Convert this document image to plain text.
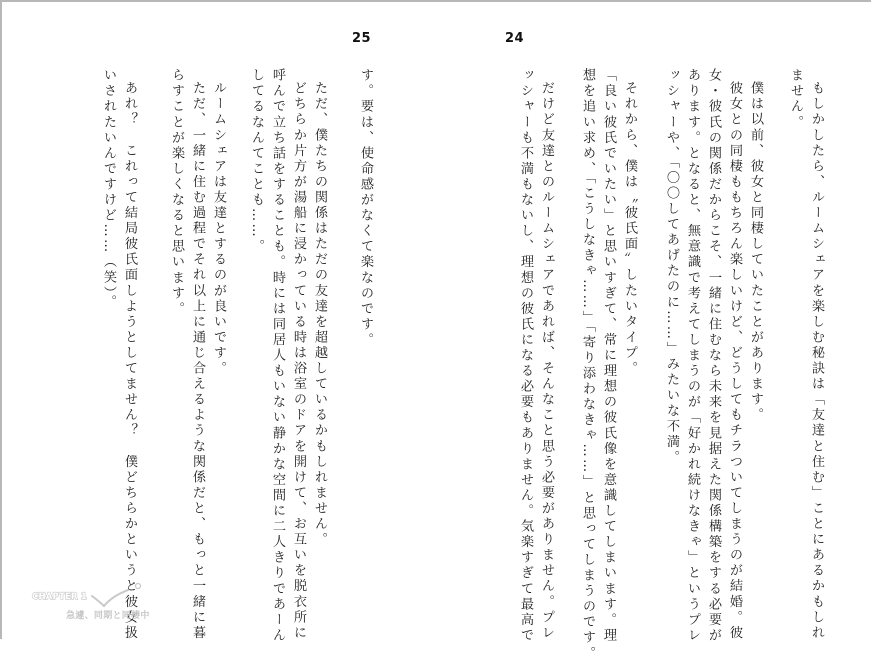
25	24
もしかしたら、ルームシェアを楽しむ秘訣は「友達と住む」ことにあるかもしれ
ません。
僕は以前、彼女と同棲していたことがあります。
彼女との同棲ももちろん楽しいけど、どうしてもチラついてしまうのが結婚。彼
女・彼氏の関係だからこそ、一緒に住むなら未来を見据えた関係構築をする必要が
あります。となると、無意識で考えてしまうのが「好かれ続けなきゃ」というプレ
ッシャーや、「〇〇してあげたのに……」みたいな不満。
それから、僕は〝彼氏面〟したいタイプ。
「良い彼氏でいたい」と思いすぎて、常に理想の彼氏像を意識してしまいます。理
想を追い求め、「こうしなきゃ……」「寄り添わなきゃ……」と思ってしまうのです。
だけど友達とのルームシェアであれば、そんなこと思う必要がありません。プレ
ッシャーも不満もないし、理想の彼氏になる必要もありません。気楽すぎて最高で
す。要は、使命感がなくて楽なのです。
ただ、僕たちの関係はただの友達を超越しているかもしれません。
どちらか片方が湯船に浸かっている時は浴室のドアを開けて、お互いを脱衣所に
呼んで立ち話をすることも。時には同居人もいない静かな空間に二人きりであーん
してるなんてことも……。
ルームシェアは友達とするのが良いです。
ただ、一緒に住む過程でそれ以上に通じ合えるような関係だと、もっと一緒に暮
らすことが楽しくなると思います。
あれ？　これって結局彼氏面しようとしてません？　僕どちらかというと彼女扱
いされたいんですけど……（笑）。
CHAPTER 1
急遽、同期と同棲中
